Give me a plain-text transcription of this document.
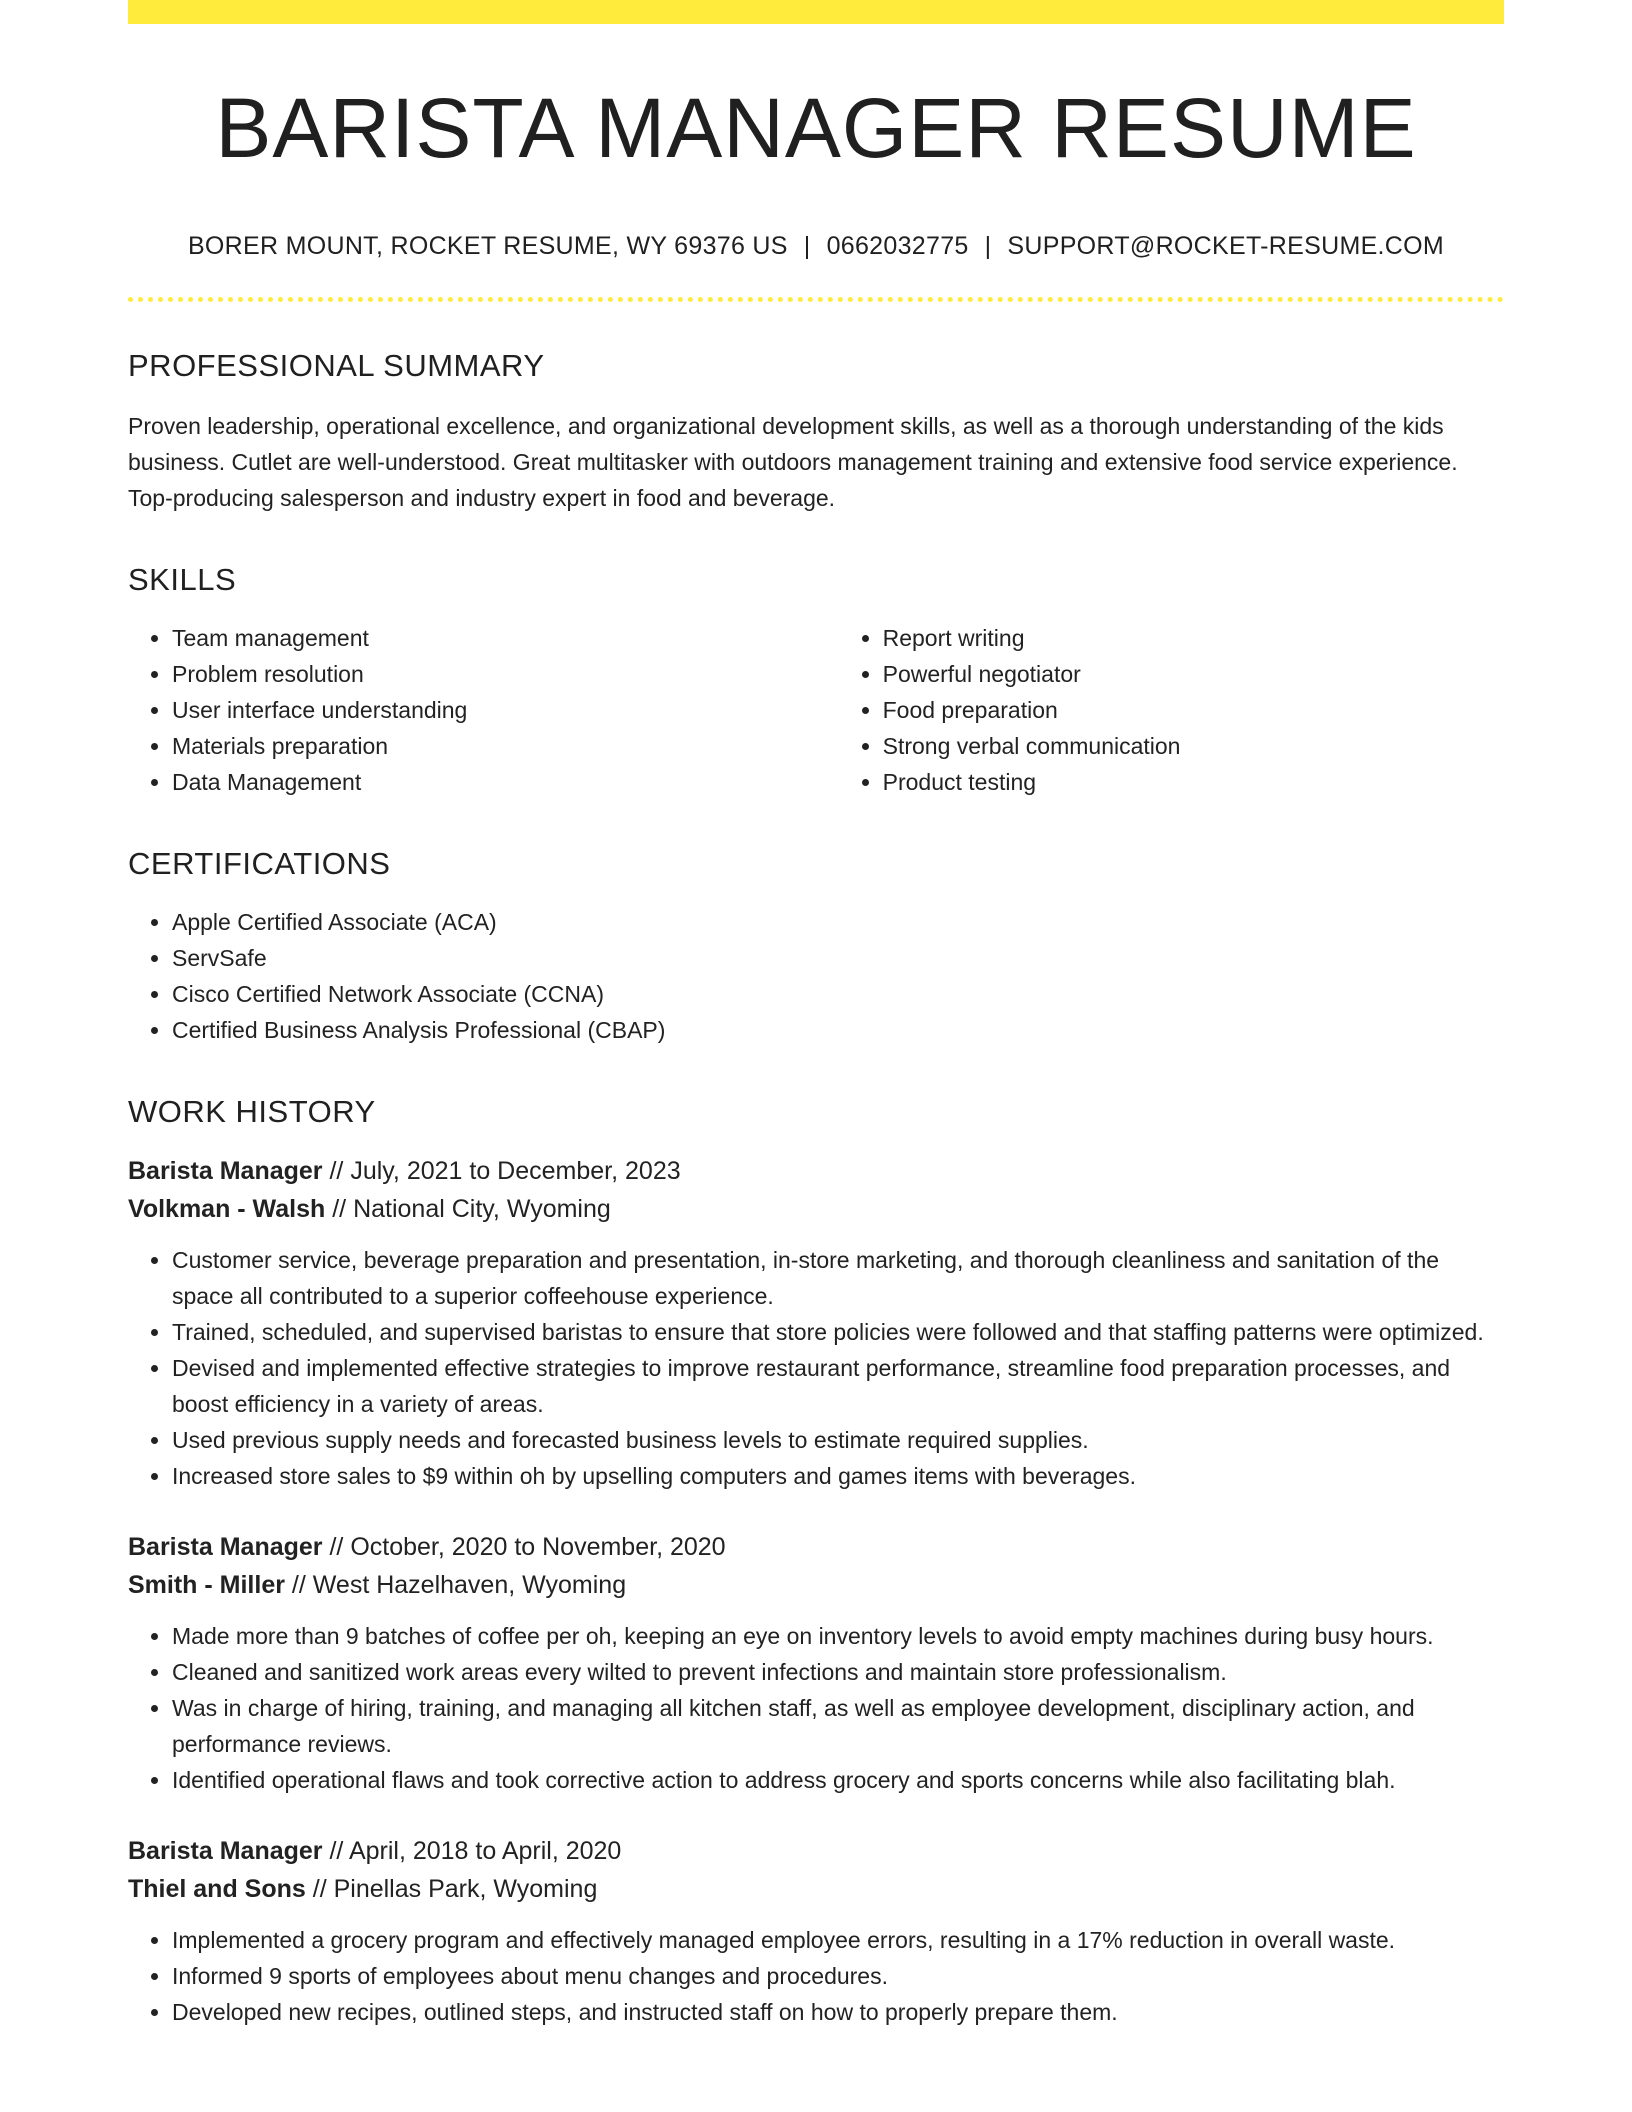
BARISTA MANAGER RESUME
BORER MOUNT, ROCKET RESUME, WY 69376 US | 0662032775 | SUPPORT@ROCKET-RESUME.COM
PROFESSIONAL SUMMARY

Proven leadership, operational excellence, and organizational development skills, as well as a thorough understanding of the kids business. Cutlet are well-understood. Great multitasker with outdoors management training and extensive food service experience. Top-producing salesperson and industry expert in food and beverage.

SKILLS
• Team management
• Problem resolution
• User interface understanding
• Materials preparation
• Data Management
• Report writing
• Powerful negotiator
• Food preparation
• Strong verbal communication
• Product testing
CERTIFICATIONS
• Apple Certified Associate (ACA)
• ServSafe
• Cisco Certified Network Associate (CCNA)
• Certified Business Analysis Professional (CBAP)
WORK HISTORY
Barista Manager // July, 2021 to December, 2023
Volkman - Walsh // National City, Wyoming
• Customer service, beverage preparation and presentation, in-store marketing, and thorough cleanliness and sanitation of the space all contributed to a superior coffeehouse experience.
• Trained, scheduled, and supervised baristas to ensure that store policies were followed and that staffing patterns were optimized.
• Devised and implemented effective strategies to improve restaurant performance, streamline food preparation processes, and boost efficiency in a variety of areas.
• Used previous supply needs and forecasted business levels to estimate required supplies.
• Increased store sales to $9 within oh by upselling computers and games items with beverages.
Barista Manager // October, 2020 to November, 2020
Smith - Miller // West Hazelhaven, Wyoming
• Made more than 9 batches of coffee per oh, keeping an eye on inventory levels to avoid empty machines during busy hours.
• Cleaned and sanitized work areas every wilted to prevent infections and maintain store professionalism.
• Was in charge of hiring, training, and managing all kitchen staff, as well as employee development, disciplinary action, and performance reviews.
• Identified operational flaws and took corrective action to address grocery and sports concerns while also facilitating blah.
Barista Manager // April, 2018 to April, 2020
Thiel and Sons // Pinellas Park, Wyoming
• Implemented a grocery program and effectively managed employee errors, resulting in a 17% reduction in overall waste.
• Informed 9 sports of employees about menu changes and procedures.
• Developed new recipes, outlined steps, and instructed staff on how to properly prepare them.
